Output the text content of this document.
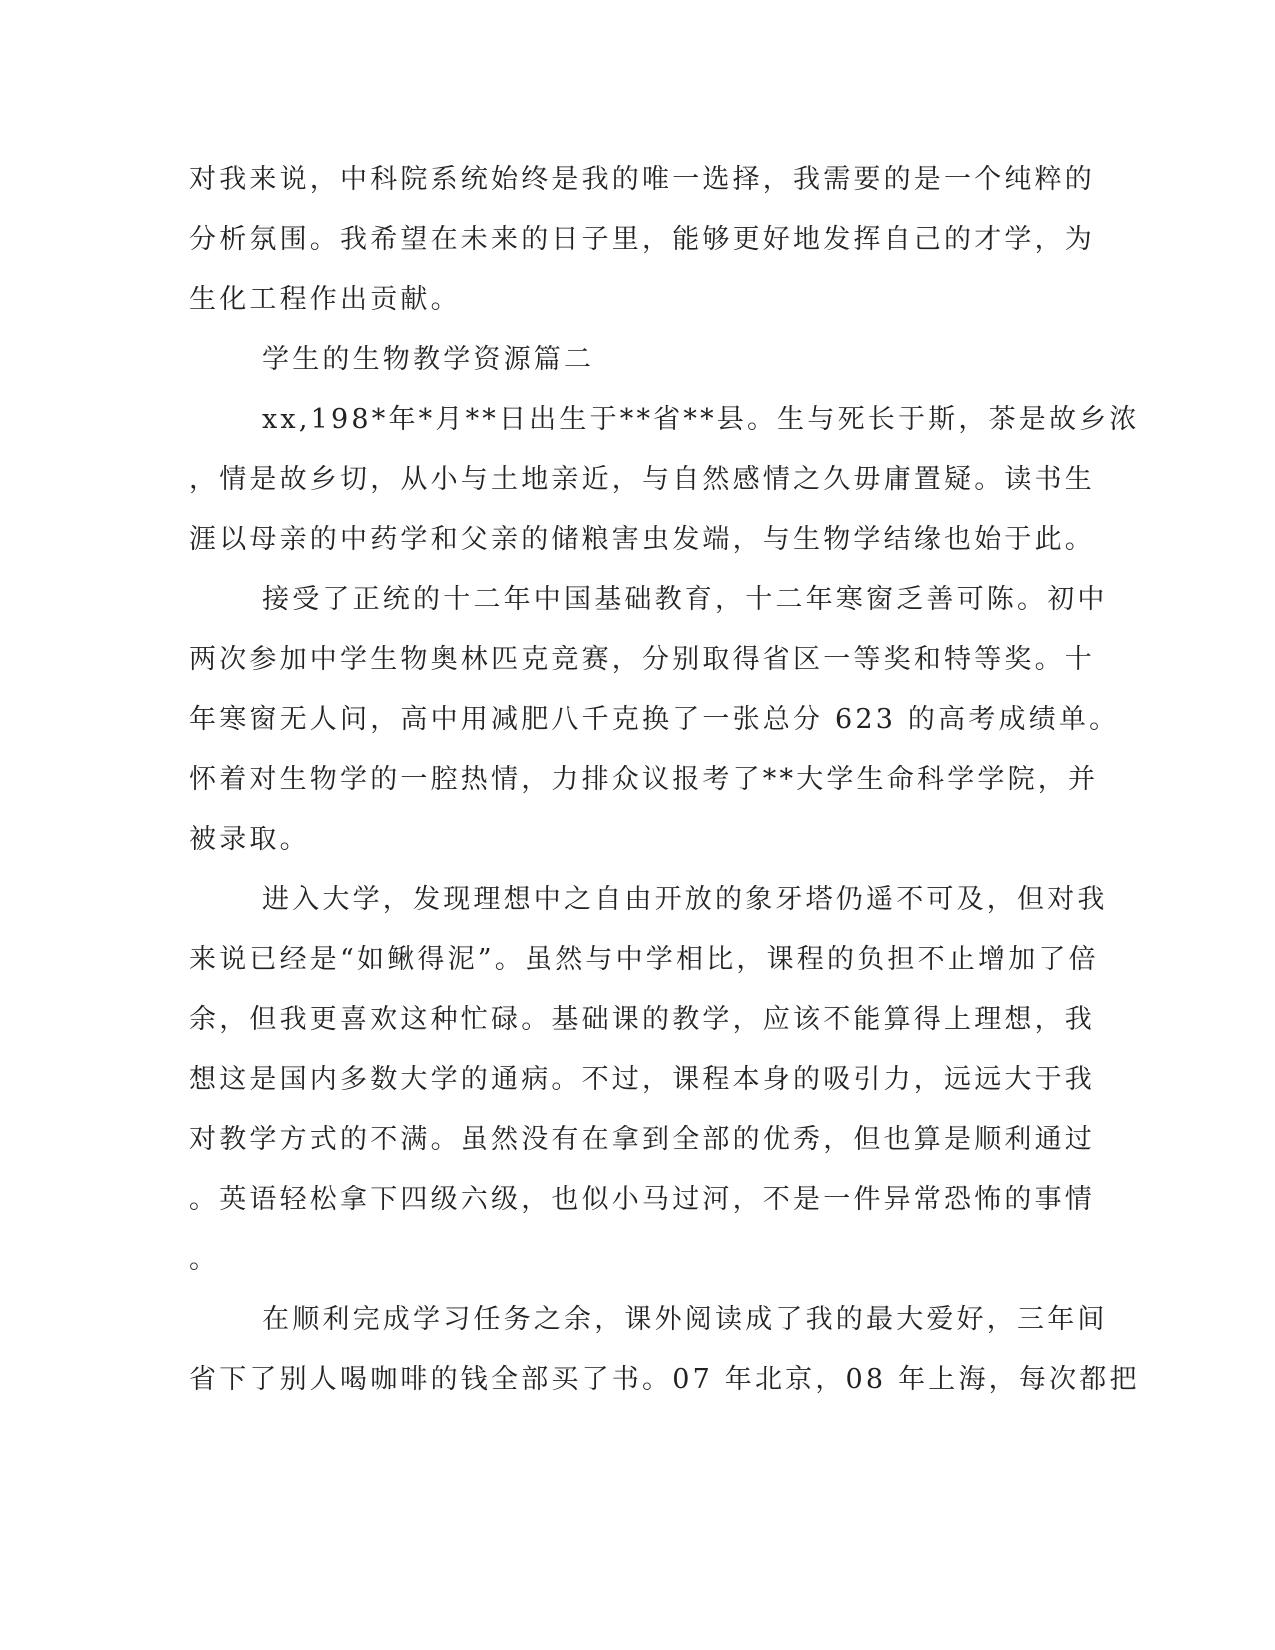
对我来说，中科院系统始终是我的唯一选择，我需要的是一个纯粹的
分析氛围。我希望在未来的日子里，能够更好地发挥自己的才学，为
生化工程作出贡献。
学生的生物教学资源篇二
xx,198*年*月**日出生于**省**县。生与死长于斯，茶是故乡浓
，情是故乡切，从小与土地亲近，与自然感情之久毋庸置疑。读书生
涯以母亲的中药学和父亲的储粮害虫发端，与生物学结缘也始于此。
接受了正统的十二年中国基础教育，十二年寒窗乏善可陈。初中
两次参加中学生物奥林匹克竞赛，分别取得省区一等奖和特等奖。十
年寒窗无人问，高中用减肥八千克换了一张总分 623 的高考成绩单。
怀着对生物学的一腔热情，力排众议报考了**大学生命科学学院，并
被录取。
进入大学，发现理想中之自由开放的象牙塔仍遥不可及，但对我
来说已经是“如鳅得泥”。虽然与中学相比，课程的负担不止增加了倍
余，但我更喜欢这种忙碌。基础课的教学，应该不能算得上理想，我
想这是国内多数大学的通病。不过，课程本身的吸引力，远远大于我
对教学方式的不满。虽然没有在拿到全部的优秀，但也算是顺利通过
。英语轻松拿下四级六级，也似小马过河，不是一件异常恐怖的事情
。
在顺利完成学习任务之余，课外阅读成了我的最大爱好，三年间
省下了别人喝咖啡的钱全部买了书。07 年北京，08 年上海，每次都把
